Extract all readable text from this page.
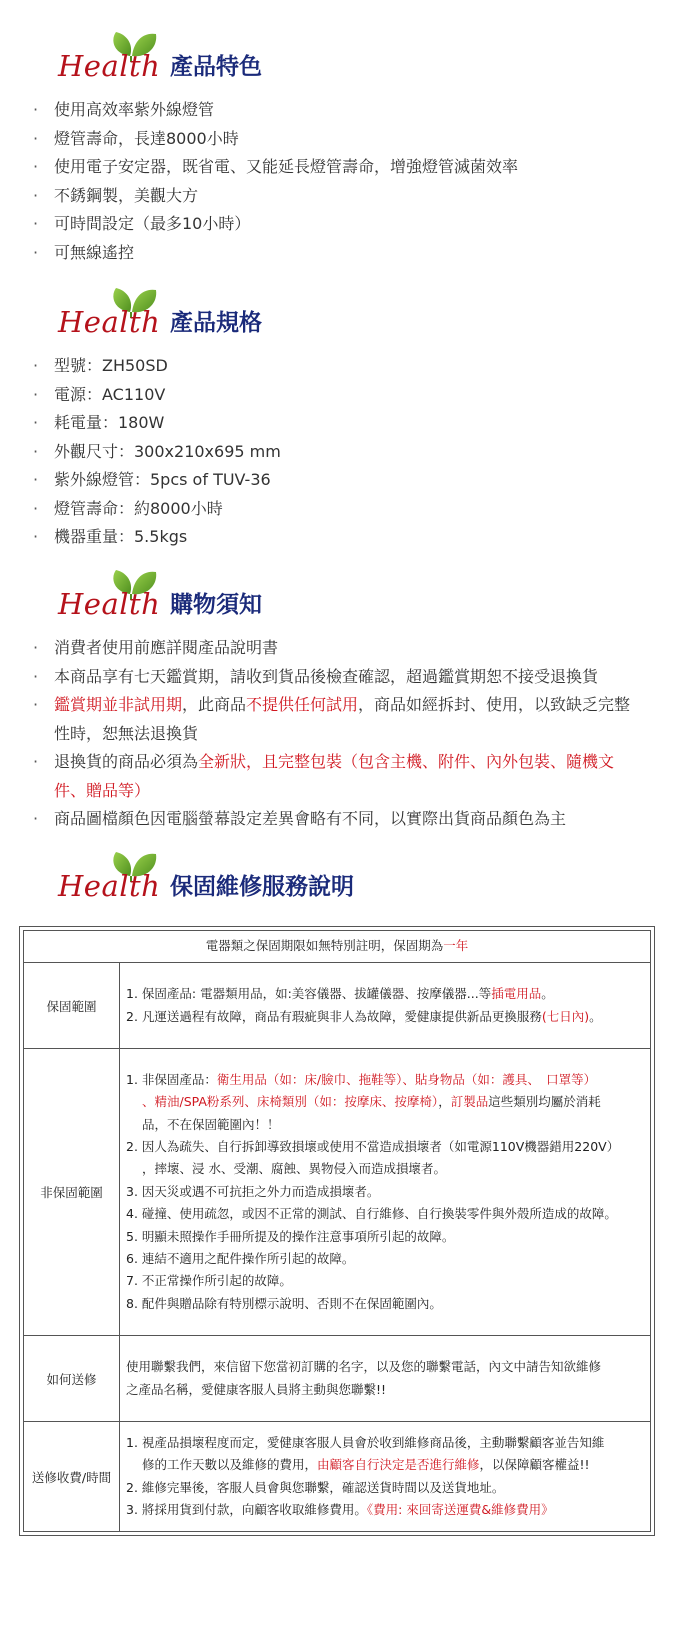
Health 產品特色
· 使用高效率紫外線燈管
· 燈管壽命，長達8000小時
· 使用電子安定器，既省電、又能延長燈管壽命，增強燈管滅菌效率
· 不銹鋼製，美觀大方
· 可時間設定（最多10小時）
· 可無線遙控
Health 產品規格
· 型號：ZH50SD
· 電源：AC110V
· 耗電量：180W
· 外觀尺寸：300x210x695 mm
· 紫外線燈管：5pcs of TUV-36
· 燈管壽命：約8000小時
· 機器重量：5.5kgs
Health 購物須知
· 消費者使用前應詳閱產品說明書
· 本商品享有七天鑑賞期，請收到貨品後檢查確認，超過鑑賞期恕不接受退換貨
· 鑑賞期並非試用期，此商品不提供任何試用，商品如經拆封、使用，以致缺乏完整性時，恕無法退換貨
· 退換貨的商品必須為全新狀，且完整包裝（包含主機、附件、內外包裝、隨機文件、贈品等）
· 商品圖檔顏色因電腦螢幕設定差異會略有不同，以實際出貨商品顏色為主
Health 保固維修服務說明
電器類之保固期限如無特別註明，保固期為一年
保固範圍

1. 保固產品: 電器類用品，如:美容儀器、拔罐儀器、按摩儀器...等插電用品。

2. 凡運送過程有故障，商品有瑕疵與非人為故障，愛健康提供新品更換服務(七日內)。

非保固範圍

1. 非保固產品：衛生用品（如：床/臉巾、拖鞋等）、貼身物品（如：護具、　口罩等）

、精油/SPA粉系列、床椅類別（如：按摩床、按摩椅），訂製品這些類別均屬於消耗

品，不在保固範圍內！！

2. 因人為疏失、自行拆卸導致損壞或使用不當造成損壞者（如電源110V機器錯用220V）

，摔壞、浸 水、受潮、腐蝕、異物侵入而造成損壞者。

3. 因天災或遇不可抗拒之外力而造成損壞者。

4. 碰撞、使用疏忽，或因不正常的測試、自行維修、自行換裝零件與外殼所造成的故障。

5. 明顯未照操作手冊所提及的操作注意事項所引起的故障。

6. 連結不適用之配件操作所引起的故障。

7. 不正常操作所引起的故障。

8. 配件與贈品除有特別標示說明、否則不在保固範圍內。

如何送修

使用聯繫我們，來信留下您當初訂購的名字，以及您的聯繫電話，內文中請告知欲維修

之產品名稱，愛健康客服人員將主動與您聯繫!!

送修收費/時間

1. 視產品損壞程度而定，愛健康客服人員會於收到維修商品後，主動聯繫顧客並告知維

修的工作天數以及維修的費用，由顧客自行決定是否進行維修，以保障顧客權益!!

2. 維修完畢後，客服人員會與您聯繫，確認送貨時間以及送貨地址。

3. 將採用貨到付款，向顧客收取維修費用。《費用: 來回寄送運費&維修費用》
